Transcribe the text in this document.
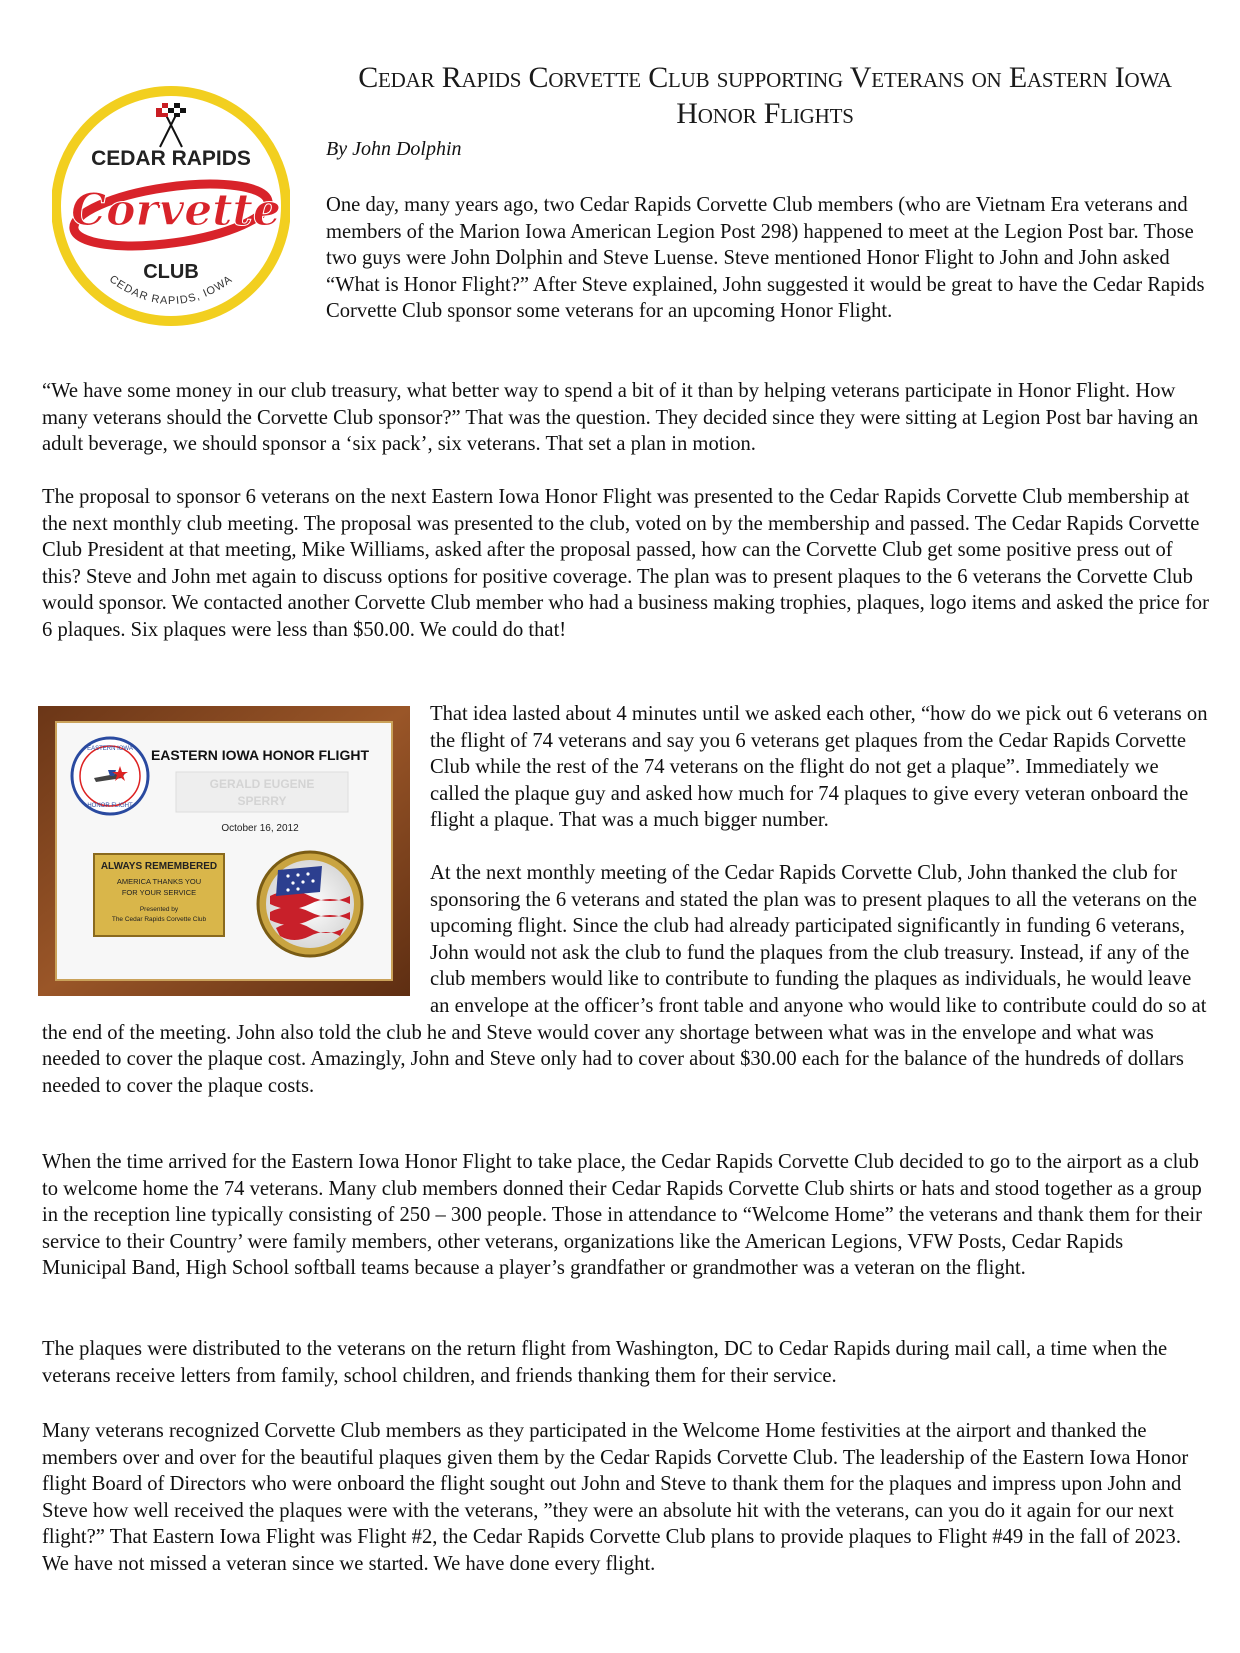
CEDAR RAPIDS
Corvette
CLUB
CEDAR RAPIDS, IOWA
Cedar Rapids Corvette Club supporting Veterans on Eastern Iowa Honor Flights
By John Dolphin

One day, many years ago, two Cedar Rapids Corvette Club members (who are Vietnam Era veterans and members of the Marion Iowa American Legion Post 298) happened to meet at the Legion Post bar. Those two guys were John Dolphin and Steve Luense. Steve mentioned Honor Flight to John and John asked “What is Honor Flight?” After Steve explained, John suggested it would be great to have the Cedar Rapids Corvette Club sponsor some veterans for an upcoming Honor Flight.

“We have some money in our club treasury, what better way to spend a bit of it than by helping veterans participate in Honor Flight. How many veterans should the Corvette Club sponsor?” That was the question. They decided since they were sitting at Legion Post bar having an adult beverage, we should sponsor a ‘six pack’, six veterans. That set a plan in motion.

The proposal to sponsor 6 veterans on the next Eastern Iowa Honor Flight was presented to the Cedar Rapids Corvette Club membership at the next monthly club meeting. The proposal was presented to the club, voted on by the membership and passed. The Cedar Rapids Corvette Club President at that meeting, Mike Williams, asked after the proposal passed, how can the Corvette Club get some positive press out of this? Steve and John met again to discuss options for positive coverage. The plan was to present plaques to the 6 veterans the Corvette Club would sponsor. We contacted another Corvette Club member who had a business making trophies, plaques, logo items and asked the price for 6 plaques. Six plaques were less than $50.00. We could do that!

EASTERN IOWA
HONOR FLIGHT
EASTERN IOWA HONOR FLIGHT
GERALD EUGENE
SPERRY
October 16, 2012
ALWAYS REMEMBERED
AMERICA THANKS YOU
FOR YOUR SERVICE
Presented by
The Cedar Rapids Corvette Club

That idea lasted about 4 minutes until we asked each other, “how do we pick out 6 veterans on the flight of 74 veterans and say you 6 veterans get plaques from the Cedar Rapids Corvette Club while the rest of the 74 veterans on the flight do not get a plaque”. Immediately we called the plaque guy and asked how much for 74 plaques to give every veteran onboard the flight a plaque. That was a much bigger number.

At the next monthly meeting of the Cedar Rapids Corvette Club, John thanked the club for sponsoring the 6 veterans and stated the plan was to present plaques to all the veterans on the upcoming flight. Since the club had already participated significantly in funding 6 veterans, John would not ask the club to fund the plaques from the club treasury. Instead, if any of the club members would like to contribute to funding the plaques as individuals, he would leave an envelope at the officer’s front table and anyone who would like to contribute could do so at the end of the meeting. John also told the club he and Steve would cover any shortage between what was in the envelope and what was needed to cover the plaque cost. Amazingly, John and Steve only had to cover about $30.00 each for the balance of the hundreds of dollars needed to cover the plaque costs.

When the time arrived for the Eastern Iowa Honor Flight to take place, the Cedar Rapids Corvette Club decided to go to the airport as a club to welcome home the 74 veterans. Many club members donned their Cedar Rapids Corvette Club shirts or hats and stood together as a group in the reception line typically consisting of 250 – 300 people. Those in attendance to “Welcome Home” the veterans and thank them for their service to their Country’ were family members, other veterans, organizations like the American Legions, VFW Posts, Cedar Rapids Municipal Band, High School softball teams because a player’s grandfather or grandmother was a veteran on the flight.

The plaques were distributed to the veterans on the return flight from Washington, DC to Cedar Rapids during mail call, a time when the veterans receive letters from family, school children, and friends thanking them for their service.

Many veterans recognized Corvette Club members as they participated in the Welcome Home festivities at the airport and thanked the members over and over for the beautiful plaques given them by the Cedar Rapids Corvette Club. The leadership of the Eastern Iowa Honor flight Board of Directors who were onboard the flight sought out John and Steve to thank them for the plaques and impress upon John and Steve how well received the plaques were with the veterans, ”they were an absolute hit with the veterans, can you do it again for our next flight?” That Eastern Iowa Flight was Flight #2, the Cedar Rapids Corvette Club plans to provide plaques to Flight #49 in the fall of 2023. We have not missed a veteran since we started. We have done every flight.
